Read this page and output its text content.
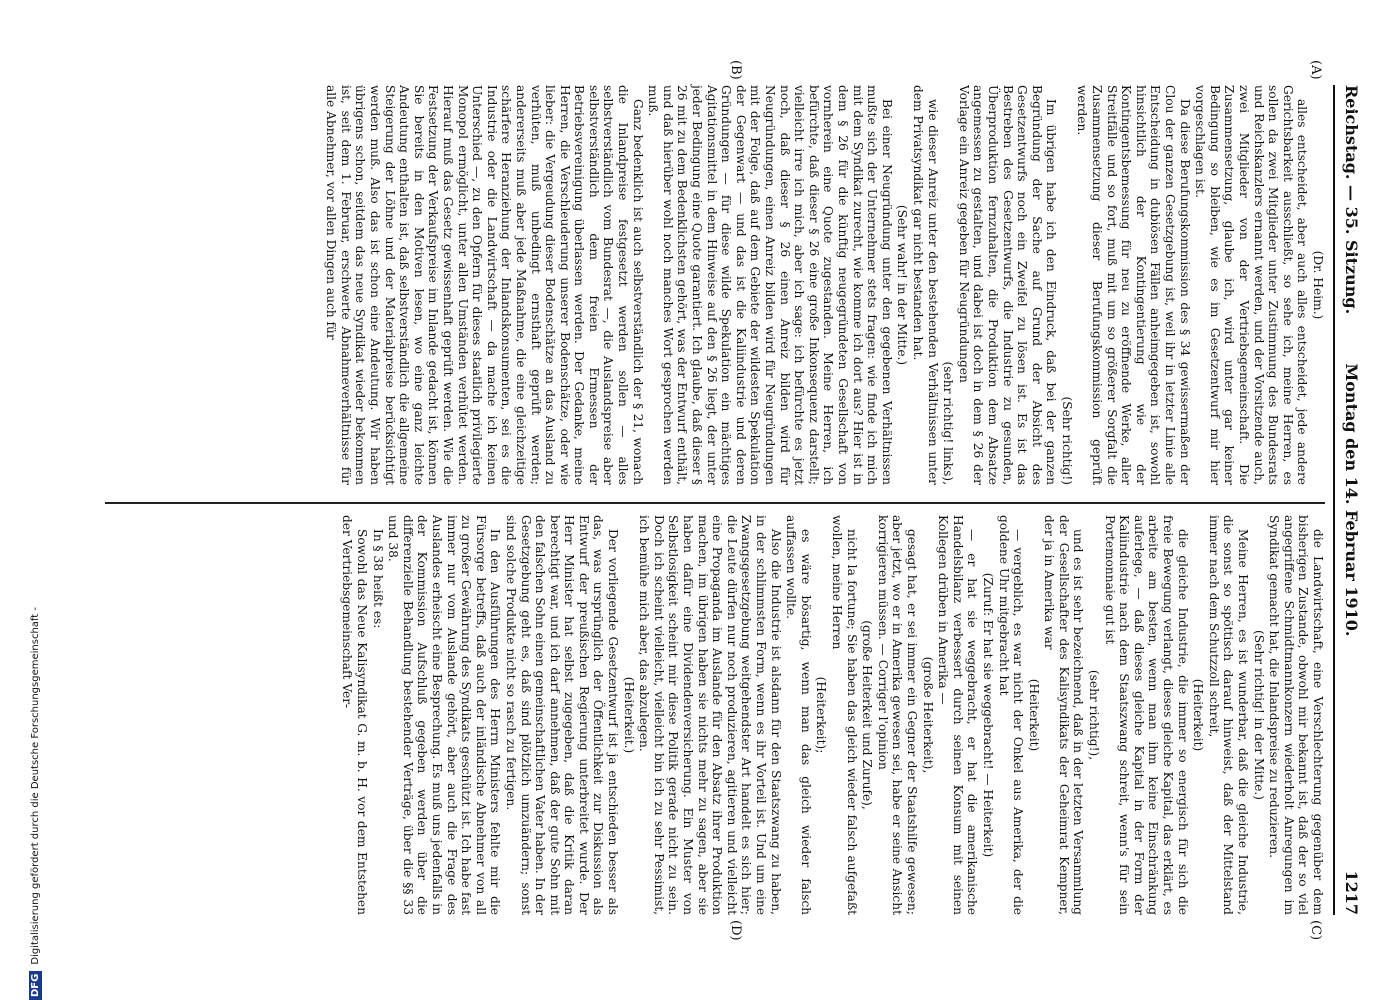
Reichstag. — 35. Sitzung.
Montag den 14. Februar 1910.
1217
(A)
(B)
(C)
(D)

(Dr. Heim.)

alles entscheidet, aber auch alles entscheidet, jede andere Gerichtsbarkeit ausschließt, so sehe ich, meine Herren, es sollen da zwei Mitglieder unter Zustimmung des Bundesrats und Reichskanzlers ernannt werden, und der Vorsitzende auch, zwei Mitglieder von der Vertriebsgemeinschaft. Die Zusammensetzung, glaube ich, wird unter gar keiner Bedingung so bleiben, wie es im Gesetzentwurf mir hier vorgeschlagen ist.

Da diese Berufungskommission des § 34 gewissermaßen der Clou der ganzen Gesetzgebung ist, weil ihr in letzter Linie alle Entscheidung in dubiösen Fällen anheimgegeben ist, sowohl hinsichtlich der Kontingentierung wie der Kontingentsbemessung für neu zu eröffnende Werke, aller Streitfälle und so fort, muß mit um so größerer Sorgfalt die Zusammensetzung dieser Berufungskommission geprüft werden.

(Sehr richtig!)

Im übrigen habe ich den Eindruck, daß bei der ganzen Begründung der Sache auf Grund der Absicht des Gesetzentwurfs noch ein Zweifel zu lösen ist. Es ist das Bestreben des Gesetzentwurfs, die Industrie zu gesunden, Überproduktion fernzuhalten, die Produktion dem Absatze angemessen zu gestalten, und dabei ist doch in dem § 26 der Vorlage ein Anreiz gegeben für Neugründungen

(sehr richtig! links),

wie dieser Anreiz unter den bestehenden Verhältnissen unter dem Privatsyndikat gar nicht bestanden hat.

(Sehr wahr! in der Mitte.)

Bei einer Neugründung unter den gegebenen Verhältnissen mußte sich der Unternehmer stets fragen: wie finde ich mich mit dem Syndikat zurecht, wie komme ich dort aus? Hier ist in dem § 26 für die künftig neugegründeten Gesellschaft von vornherein eine Quote zugestanden. Meine Herren, ich befürchte, daß dieser § 26 eine große Inkonsequenz darstellt; vielleicht irre ich mich, aber ich sage: ich befürchte es jetzt noch, daß dieser § 26 einen Anreiz bilden wird für Neugründungen, einen Anreiz bilden wird für Neugründungen mit der Folge, daß auf dem Gebiete der wildesten Spekulation der Gegenwart — und das ist die Kaliindustrie und deren Gründungen — für diese wilde Spekulation ein mächtiges Agitationsmittel in dem Hinweise auf den § 26 liegt, der unter jeder Bedingung eine Quote garantiert. Ich glaube, daß dieser § 26 mit zu dem Bedenklichsten gehört, was der Entwurf enthält, und daß hierüber wohl noch manches Wort gesprochen werden muß.

Ganz bedenklich ist auch selbstverständlich der § 21, wonach die Inlandpreise festgesetzt werden sollen — alles selbstverständlich vom Bundesrat —, die Auslandspreise aber selbstverständlich dem freien Ermessen der Betriebsvereinigung überlassen werden. Der Gedanke, meine Herren, die Verschleuderung unserer Bodenschätze, oder wie lieber: die Vergeudung dieser Bodenschätze an das Ausland zu verhüten, muß unbedingt ernsthaft geprüft werden; andererseits muß aber jede Maßnahme, die eine gleichzeitige schärfere Heranziehung der Inlandskonsumenten, sei es die Industrie oder die Landwirtschaft — da mache ich keinen Unterschied —, zu den Opfern für dieses staatlich privilegierte Monopol ermöglicht, unter allen Umständen verhütet werden. Hierauf muß das Gesetz gewissenhaft geprüft werden. Wie die Festsetzung der Verkaufspreise im Inlande gedacht ist, können Sie bereits in den Motiven lesen, wo eine ganz leichte Andeutung enthalten ist, daß selbstverständlich die allgemeine Steigerung der Löhne und der Materialpreise berücksichtigt werden muß. Also das ist schon eine Andeutung. Wir haben übrigens schon, seitdem das neue Syndikat wieder bekommen ist, seit dem 1. Februar, erschwerte Abnahmeverhältnisse für alle Abnehmer, vor allen Dingen auch für

die Landwirtschaft, eine Verschlechterung gegenüber dem bisherigen Zustande, obwohl mir bekannt ist, daß der so viel angegriffene Schmidtmannkonzern wiederholt Anregungen im Syndikat gemacht hat, die Inlandspreise zu reduzieren.

(Sehr richtig! in der Mitte.)

Meine Herren, es ist wunderbar, daß die gleiche Industrie, die sonst so spöttisch darauf hinweist, daß der Mittelstand immer nach dem Schutzzoll schreit,

(Heiterkeit)

die gleiche Industrie, die immer so energisch für sich die freie Bewegung verlangt, dieses gleiche Kapital, das erklärt, es arbeite am besten, wenn man ihm keine Einschränkung auferlege, — daß dieses gleiche Kapital in der Form der Kaliindustrie nach dem Staatszwang schreit, wenn's für sein Portemonnaie gut ist

(sehr richtig!),

und es ist sehr bezeichnend, daß in der letzten Versammlung der Gesellschafter des Kalisyndikats der Geheimrat Kempner, der ja in Amerika war

(Heiterkeit)

— vergeblich, es war nicht der Onkel aus Amerika, der die goldene Uhr mitgebracht hat

(Zuruf: Er hat sie weggebracht! — Heiterkeit)

— er hat sie weggebracht, er hat die amerikanische Handelsbilanz verbessert durch seinen Konsum mit seinen Kollegen drüben in Amerika —

(große Heiterkeit),

gesagt hat, er sei immer ein Gegner der Staatshilfe gewesen; aber jetzt, wo er in Amerika gewesen sei, habe er seine Ansicht korrigieren müssen. — Corriger l'opinion

(große Heiterkeit und Zurufe),

nicht la fortune; Sie haben das gleich wieder falsch aufgefaßt wollen, meine Herren

(Heiterkeit);

es wäre bösartig, wenn man das gleich wieder falsch auffassen wollte.

Also die Industrie ist alsdann für den Staatszwang zu haben, in der schlimmsten Form, wenn es ihr Vorteil ist. Und um eine Zwangsgesetzgebung weitgehendster Art handelt es sich hier; die Leute dürfen nur noch produzieren, agitieren und vielleicht eine Propaganda im Auslande für den Absatz ihrer Produktion machen, im übrigen haben sie nichts mehr zu sagen, aber sie haben dafür eine Dividendenversicherung. Ein Muster von Selbstlosigkeit scheint mir diese Politik gerade nicht zu sein. Doch ich scheint vielleicht, vielleicht bin ich zu sehr Pessimist, ich bemühe mich aber, das abzulegen.

(Heiterkeit.)

Der vorliegende Gesetzentwurf ist ja entschieden besser als das, was ursprünglich der Öffentlichkeit zur Diskussion als Entwurf der preußischen Regierung unterbreitet wurde. Der Herr Minister hat selbst zugegeben, daß die Kritik daran berechtigt war, und ich darf annehmen, daß der gute Sohn mit den falschen Sohn einen gemeinschaftlichen Vater haben. In der Gesetzgebung geht es, daß sind plötzlich umzuändern; sonst sind solche Produkte nicht so rasch zu fertigen.

In den Ausführungen des Herrn Ministers fehlte mir die Fürsorge betreffs, daß auch der inländische Abnehmer von all zu großer Gewährung des Syndikats geschützt ist. Ich habe fast immer nur vom Auslande gehört, aber auch die Frage des Auslandes erheischt eine Besprechung. Es muß uns jedenfalls in der Kommission Aufschluß gegeben werden über die differenzielle Behandlung bestehender Verträge, über die §§ 33 und 38.

In § 38 heißt es:

Sowohl das Neue Kalisyndikat G. m. b. H. vor dem Entstehen der Vertriebsgemeinschaft Ver-

DFGDigitalisierung gefördert durch die Deutsche Forschungsgemeinschaft -
